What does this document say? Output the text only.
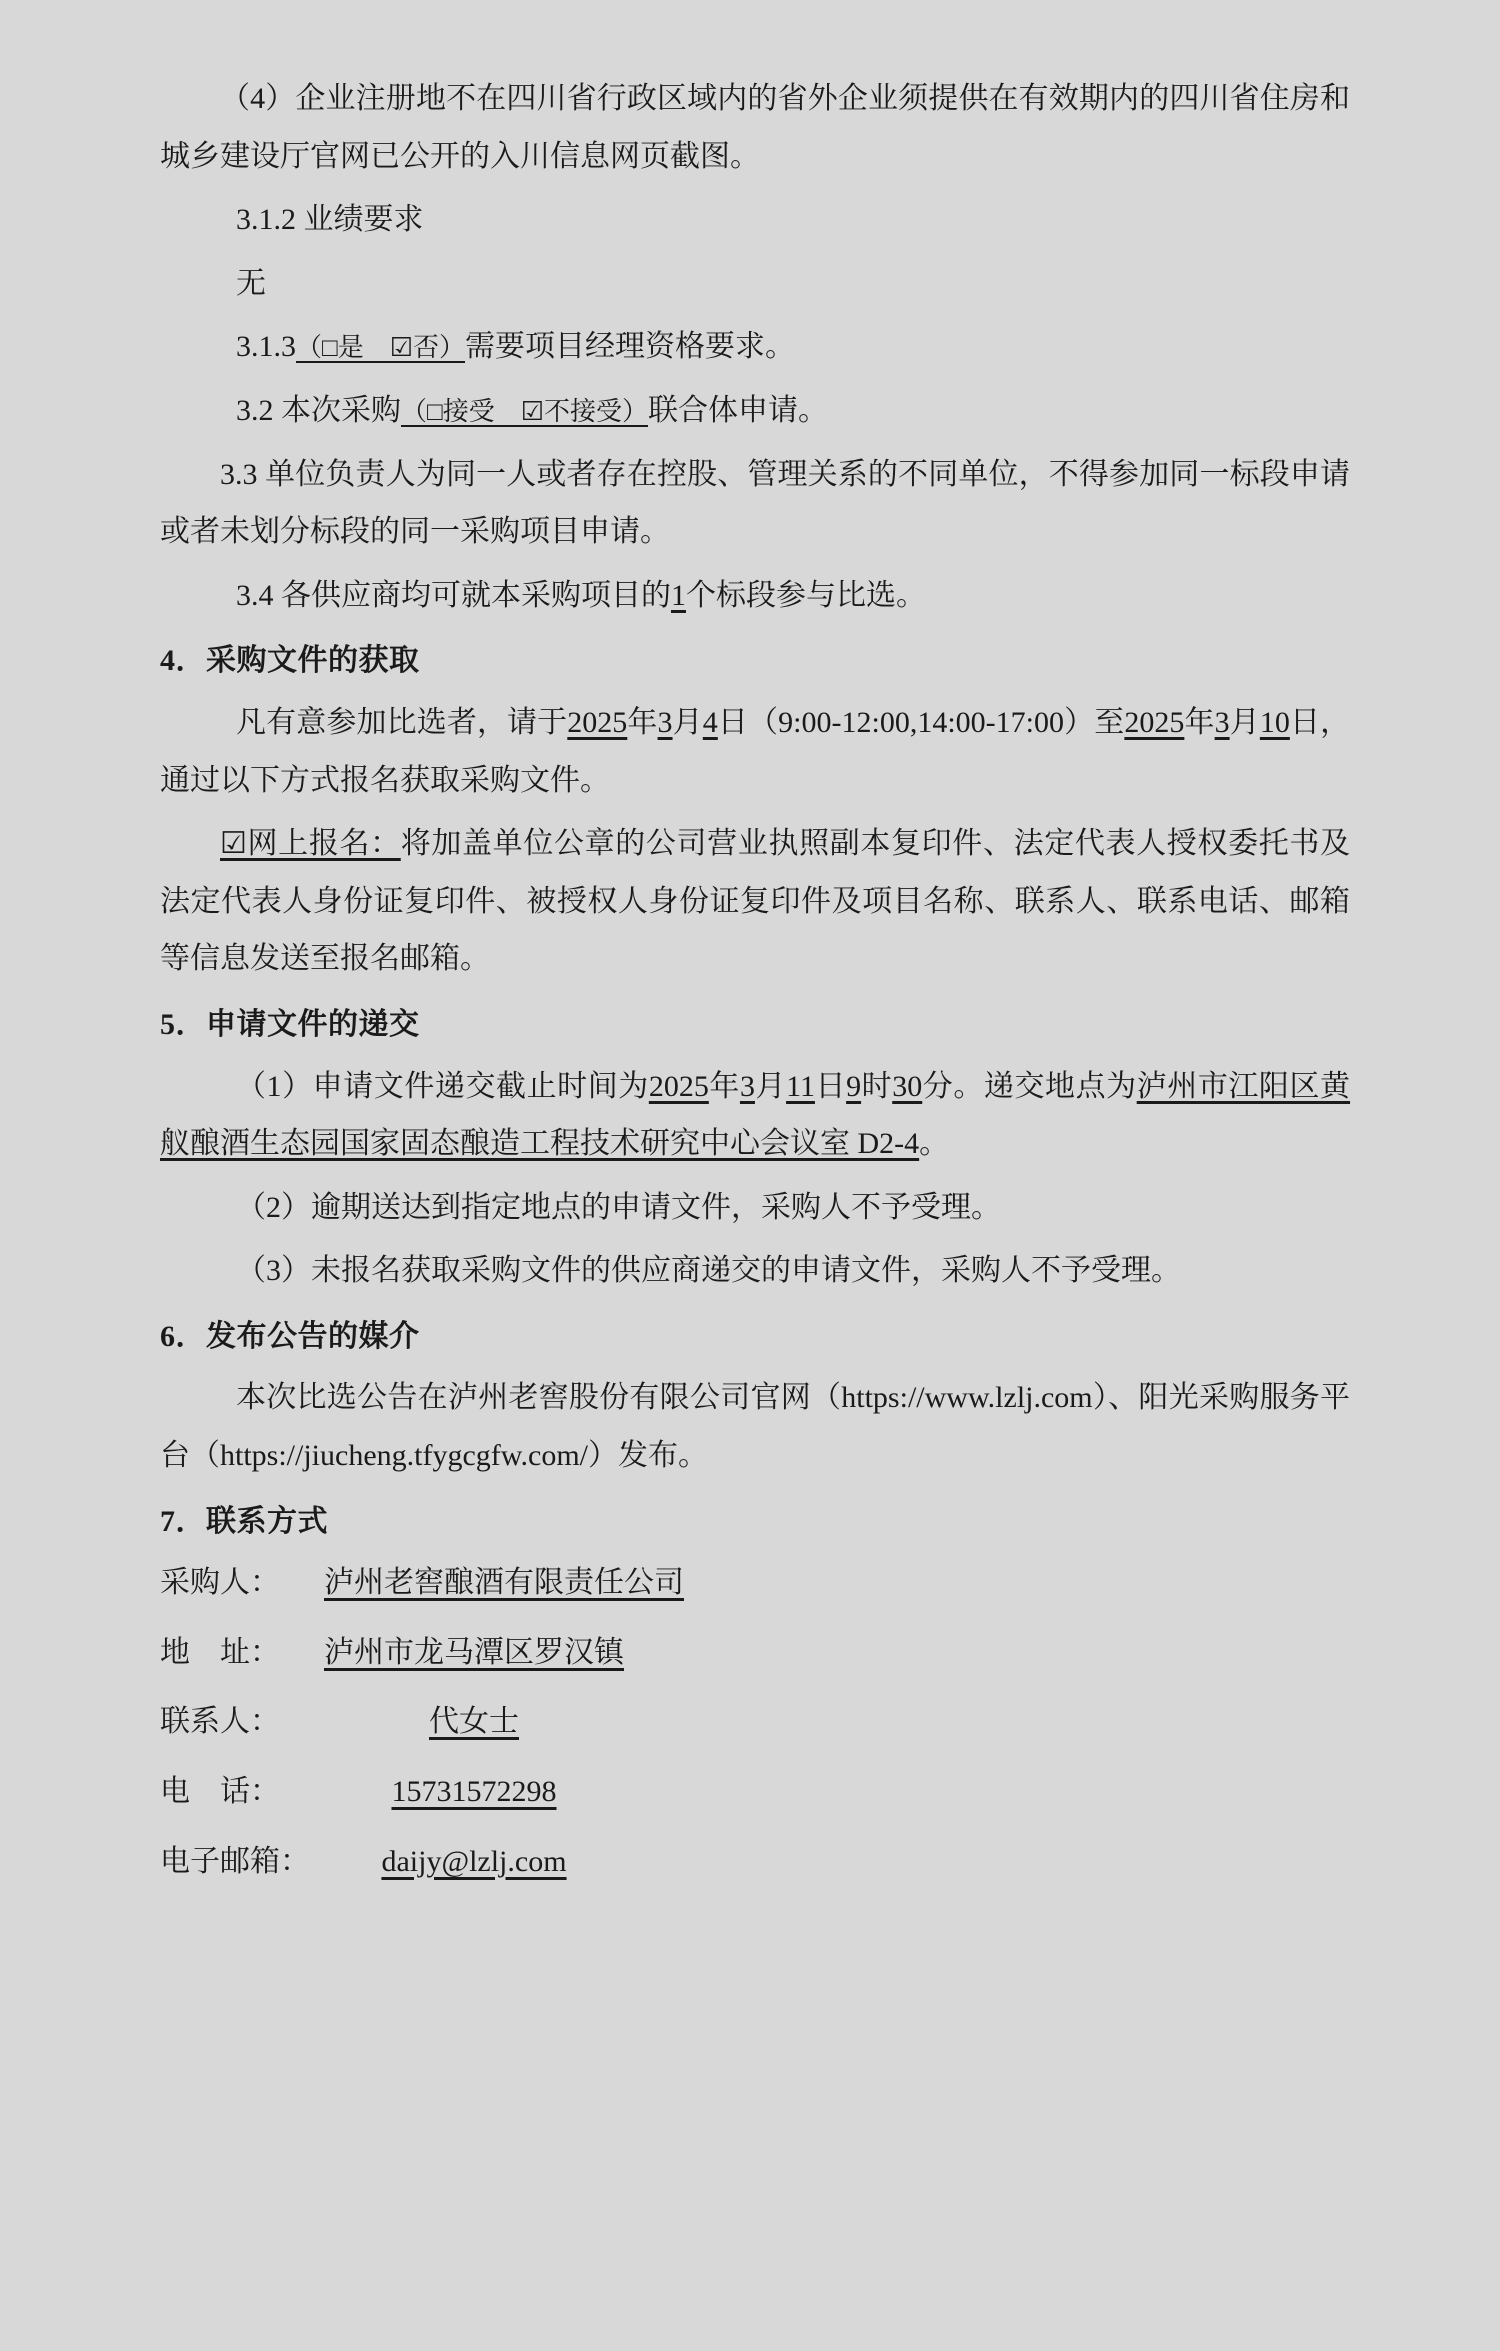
（4）企业注册地不在四川省行政区域内的省外企业须提供在有效期内的四川省住房和城乡建设厅官网已公开的入川信息网页截图。

3.1.2 业绩要求

无

3.1.3（□是　☑否）需要项目经理资格要求。

3.2 本次采购（□接受　☑不接受）联合体申请。

3.3 单位负责人为同一人或者存在控股、管理关系的不同单位，不得参加同一标段申请或者未划分标段的同一采购项目申请。

3.4 各供应商均可就本采购项目的1个标段参与比选。

4．采购文件的获取

凡有意参加比选者，请于2025年3月4日（9:00-12:00,14:00-17:00）至2025年3月10日，通过以下方式报名获取采购文件。

☑网上报名：将加盖单位公章的公司营业执照副本复印件、法定代表人授权委托书及法定代表人身份证复印件、被授权人身份证复印件及项目名称、联系人、联系电话、邮箱等信息发送至报名邮箱。

5．申请文件的递交

（1）申请文件递交截止时间为2025年3月11日9时30分。递交地点为泸州市江阳区黄舣酿酒生态园国家固态酿造工程技术研究中心会议室 D2-4。

（2）逾期送达到指定地点的申请文件，采购人不予受理。

（3）未报名获取采购文件的供应商递交的申请文件，采购人不予受理。

6．发布公告的媒介

本次比选公告在泸州老窖股份有限公司官网（https://www.lzlj.com）、阳光采购服务平台（https://jiucheng.tfygcgfw.com/）发布。

7．联系方式

采购人： 泸州老窖酿酒有限责任公司
地　址： 泸州市龙马潭区罗汉镇
联系人：	代女士
电　话：	15731572298
电子邮箱： daijy@lzlj.com
